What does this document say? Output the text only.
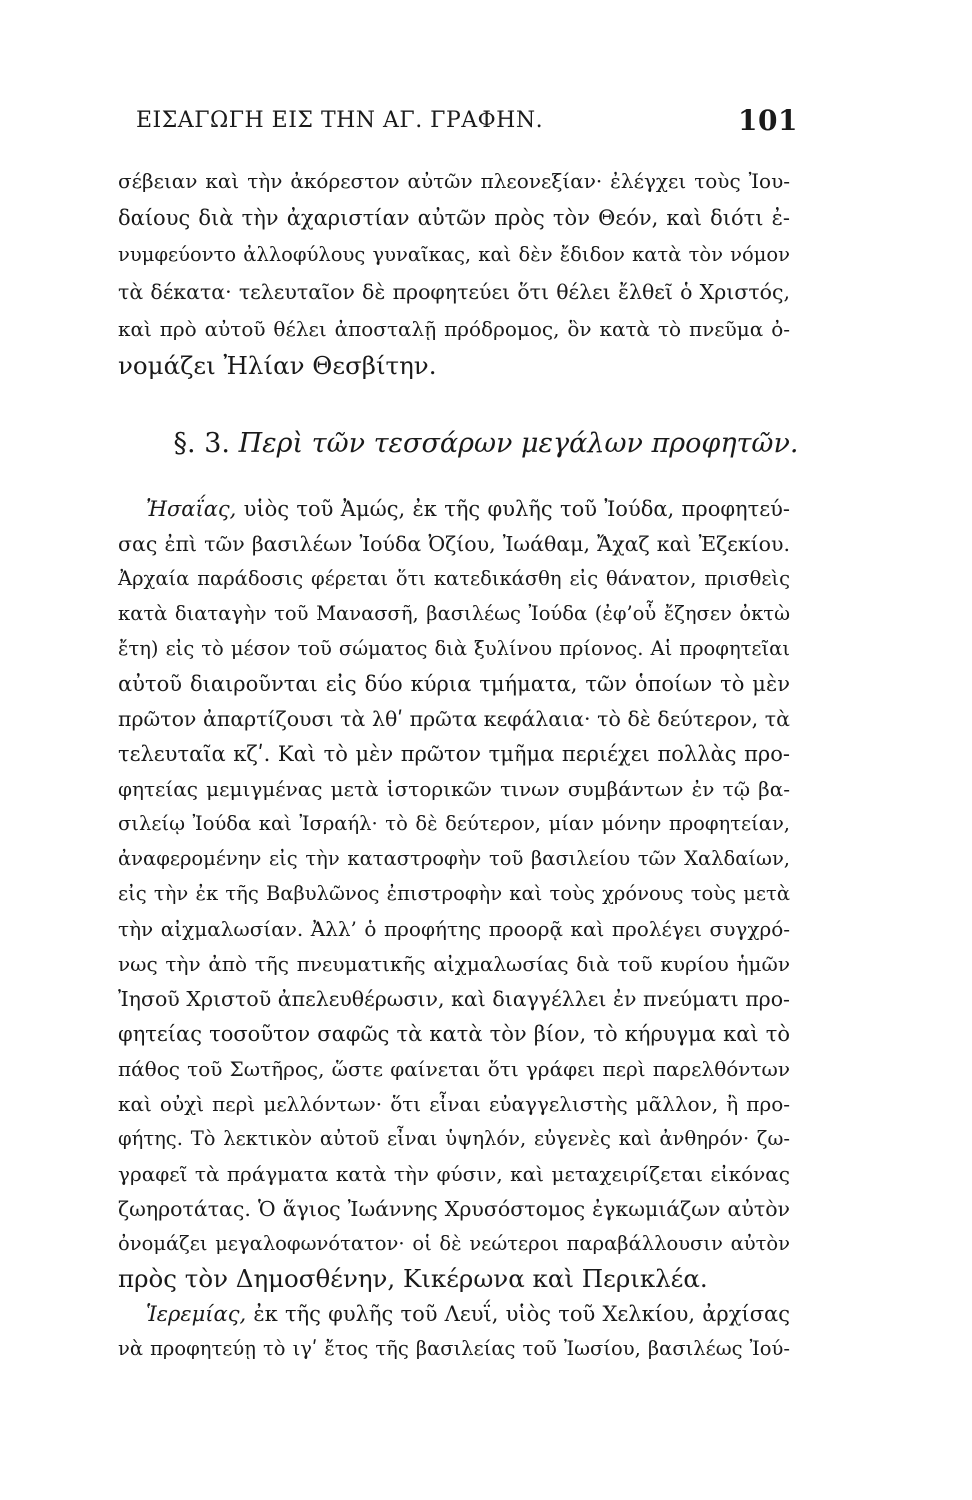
ΕΙΣΑΓΩΓΗ ΕΙΣ ΤΗΝ ΑΓ. ΓΡΑΦΗΝ.	101
σέβειαν καὶ τὴν ἀκόρεστον αὐτῶν πλεονεξίαν· ἐλέγχει τοὺς Ἰου-
δαίους διὰ τὴν ἀχαριστίαν αὐτῶν πρὸς τὸν Θεόν, καὶ διότι ἐ-
νυμφεύοντο ἀλλοφύλους γυναῖκας, καὶ δὲν ἔδιδον κατὰ τὸν νόμον
τὰ δέκατα· τελευταῖον δὲ προφητεύει ὅτι θέλει ἔλθεῖ ὁ Χριστός,
καὶ πρὸ αὐτοῦ θέλει ἀποσταλῇ πρόδρομος, ὃν κατὰ τὸ πνεῦμα ὀ-
νομάζει Ἠλίαν Θεσβίτην.
§. 3. Περὶ τῶν τεσσάρων μεγάλων προφητῶν.
Ἠσαΐας, υἱὸς τοῦ Ἀμώς, ἐκ τῆς φυλῆς τοῦ Ἰούδα, προφητεύ-
σας ἐπὶ τῶν βασιλέων Ἰούδα Ὀζίου, Ἰωάθαμ, Ἄχαζ καὶ Ἐζεκίου.
Ἀρχαία παράδοσις φέρεται ὅτι κατεδικάσθη εἰς θάνατον, πρισθεὶς
κατὰ διαταγὴν τοῦ Μανασσῆ, βασιλέως Ἰούδα (ἐφ’οὗ ἔζησεν ὀκτὼ
ἔτη) εἰς τὸ μέσον τοῦ σώματος διὰ ξυλίνου πρίονος. Αἱ προφητεῖαι
αὐτοῦ διαιροῦνται εἰς δύο κύρια τμήματα, τῶν ὁποίων τὸ μὲν
πρῶτον ἀπαρτίζουσι τὰ λθʹ πρῶτα κεφάλαια· τὸ δὲ δεύτερον, τὰ
τελευταῖα κζʹ. Καὶ τὸ μὲν πρῶτον τμῆμα περιέχει πολλὰς προ-
φητείας μεμιγμένας μετὰ ἱστορικῶν τινων συμβάντων ἐν τῷ βα-
σιλείῳ Ἰούδα καὶ Ἰσραήλ· τὸ δὲ δεύτερον, μίαν μόνην προφητείαν,
ἀναφερομένην εἰς τὴν καταστροφὴν τοῦ βασιλείου τῶν Χαλδαίων,
εἰς τὴν ἐκ τῆς Βαβυλῶνος ἐπιστροφὴν καὶ τοὺς χρόνους τοὺς μετὰ
τὴν αἰχμαλωσίαν. Ἀλλ’ ὁ προφήτης προορᾷ καὶ προλέγει συγχρό-
νως τὴν ἀπὸ τῆς πνευματικῆς αἰχμαλωσίας διὰ τοῦ κυρίου ἡμῶν
Ἰησοῦ Χριστοῦ ἀπελευθέρωσιν, καὶ διαγγέλλει ἐν πνεύματι προ-
φητείας τοσοῦτον σαφῶς τὰ κατὰ τὸν βίον, τὸ κήρυγμα καὶ τὸ
πάθος τοῦ Σωτῆρος, ὥστε φαίνεται ὅτι γράφει περὶ παρελθόντων
καὶ οὐχὶ περὶ μελλόντων· ὅτι εἶναι εὐαγγελιστὴς μᾶλλον, ἢ προ-
φήτης. Τὸ λεκτικὸν αὐτοῦ εἶναι ὑψηλόν, εὐγενὲς καὶ ἀνθηρόν· ζω-
γραφεῖ τὰ πράγματα κατὰ τὴν φύσιν, καὶ μεταχειρίζεται εἰκόνας
ζωηροτάτας. Ὁ ἅγιος Ἰωάννης Χρυσόστομος ἐγκωμιάζων αὐτὸν
ὀνομάζει μεγαλοφωνότατον· οἱ δὲ νεώτεροι παραβάλλουσιν αὐτὸν
πρὸς τὸν Δημοσθένην, Κικέρωνα καὶ Περικλέα.
Ἱερεμίας, ἐκ τῆς φυλῆς τοῦ Λευΐ, υἱὸς τοῦ Χελκίου, ἀρχίσας
νὰ προφητεύῃ τὸ ιγʹ ἔτος τῆς βασιλείας τοῦ Ἰωσίου, βασιλέως Ἰού-
